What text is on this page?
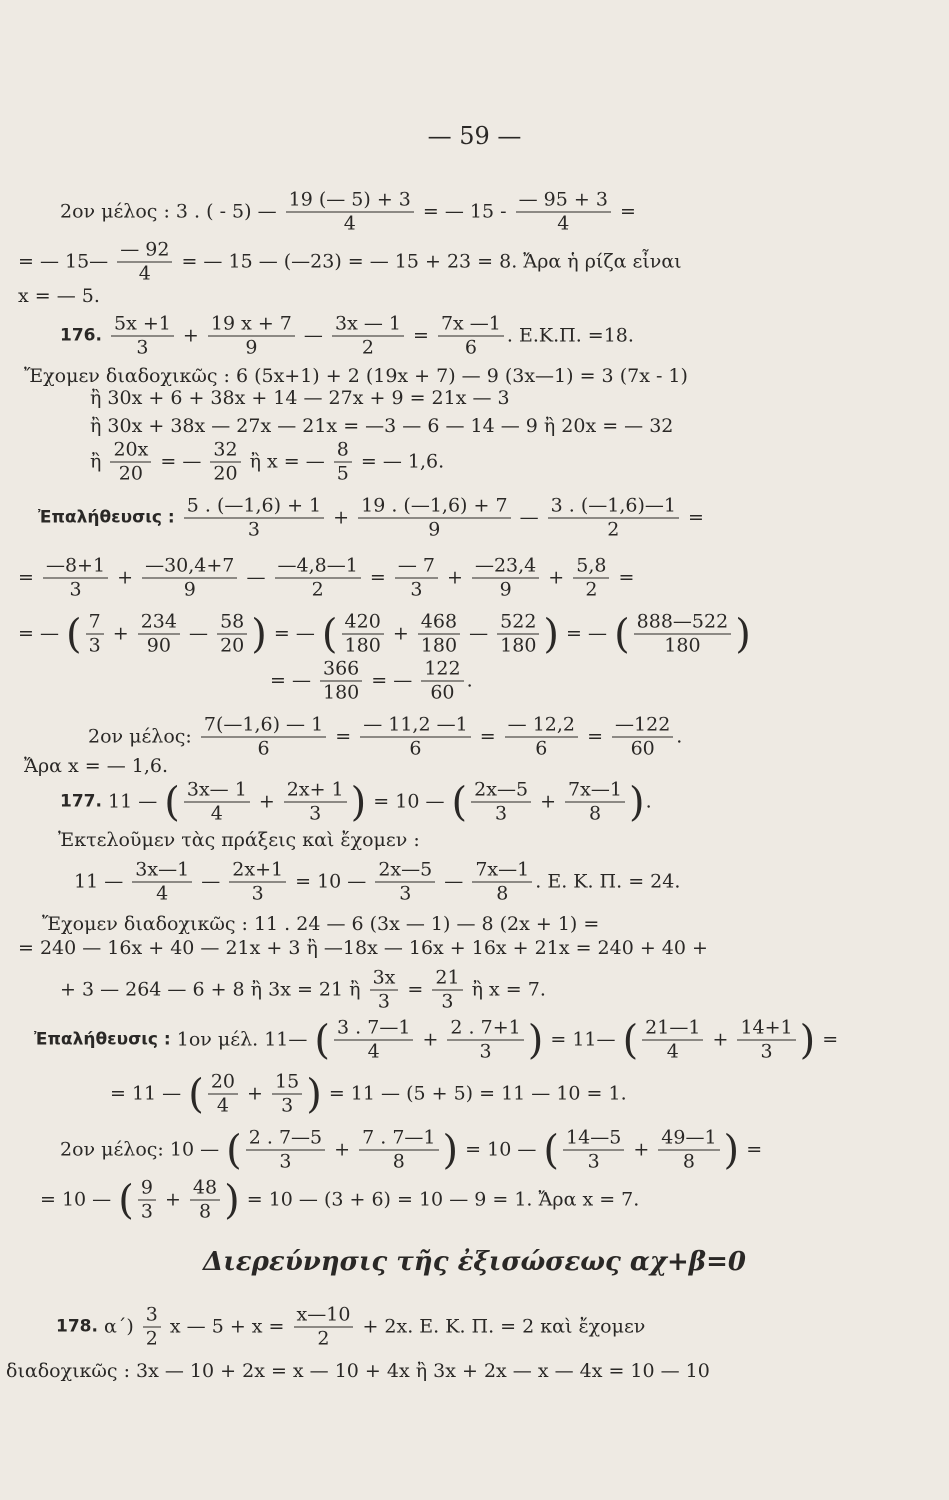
— 59 —
2ον μέλος : 3 . ( - 5) — $\frac{19 (— 5) + 3}{4}$ = — $15 - \frac{— 95 + 3}{4}$ =
= — 15— $\frac{— 92}{4}$ = — 15 — (—23) = — 15 + 23 = 8. Ἄρα ἡ ρίζα εἶναι
x = — 5.
176. $\frac{5x +1}{3} + \frac{19 x + 7}{9}$ — $\frac{3x — 1}{2} = \frac{7x —1}{6}$ . Ε.Κ.Π. =18.
Ἔχομεν διαδοχικῶς : 6 (5x+1) + 2 (19x + 7) — 9 (3x—1) = 3 (7x - 1)
ἢ 30x + 6 + 38x + 14 — 27x + 9 = 21x — 3
ἢ 30x + 38x — 27x — 21x = —3 — 6 — 14 — 9 ἢ 20x = — 32
ἢ $\frac{20x}{20}$ = — $\frac{32}{20}$ ἢ x = — $\frac{8}{5}$ = — 1,6.
Ἐπαλήθευσις : $\frac{5 . (—1,6) + 1}{3} + \frac{19 . (—1,6) + 7}{9}$ — $\frac{3 . (—1,6)—1}{2}$ =
= $\frac{—8+1}{3} + \frac{—30,4+7}{9}$ — $\frac{—4,8—1}{2} = \frac{— 7}{3} + \frac{—23,4}{9} + \frac{5,8}{2}$ =
= — ( $\frac{7}{3} + \frac{234}{90}$ — $\frac{58}{20}$ ) = — ( $\frac{420}{180} + \frac{468}{180}$ — $\frac{522}{180}$ ) = — ( $\frac{888—522}{180}$ )
= — $\frac{366}{180}$ = — $\frac{122}{60}$ .
2ον μέλος: $\frac{7(—1,6) — 1}{6} = \frac{— 11,2 —1}{6} = \frac{— 12,2}{6} = \frac{—122}{60}$ .
Ἄρα x = — 1,6.
177. 11 — ( $\frac{3x— 1}{4} + \frac{2x+ 1}{3}$ ) = 10 — ( $\frac{2x—5}{3} + \frac{7x—1}{8}$ ).
Ἐκτελοῦμεν τὰς πράξεις καὶ ἔχομεν :
11 — $\frac{3x—1}{4}$ — $\frac{2x+1}{3} = 10$ — $\frac{2x—5}{3}$ — $\frac{7x—1}{8}$ . Ε. Κ. Π. = 24.
Ἔχομεν διαδοχικῶς : 11 . 24 — 6 (3x — 1) — 8 (2x + 1) =
= 240 — 16x + 40 — 21x + 3 ἢ —18x — 16x + 16x + 21x = 240 + 40 +
+ 3 — 264 — 6 + 8 ἢ 3x = 21 ἢ $\frac{3x}{3} = \frac{21}{3}$ ἢ x = 7.
Ἐπαλήθευσις : 1ον μέλ. 11— ( $\frac{3 . 7—1}{4} + \frac{2 . 7+1}{3}$ ) = 11— ( $\frac{21—1}{4} + \frac{14+1}{3}$ ) =
= 11 — ( $\frac{20}{4} + \frac{15}{3}$ ) = 11 — (5 + 5) = 11 — 10 = 1.
2ον μέλος: 10 — ( $\frac{2 . 7—5}{3} + \frac{7 . 7—1}{8}$ ) = 10 — ( $\frac{14—5}{3} + \frac{49—1}{8}$ ) =
= 10 — ( $\frac{9}{3} + \frac{48}{8}$ ) = 10 — (3 + 6) = 10 — 9 = 1. Ἄρα x = 7.
178. $\alpha΄) \frac{3}{2}$ x — $5 + x = \frac{x—10}{2} + 2x$. Ε. Κ. Π. = 2 καὶ ἔχομεν
διαδοχικῶς : 3x — 10 + 2x = x — 10 + 4x ἢ 3x + 2x — x — 4x = 10 — 10
Διερεύνησις τῆς ἐξισώσεως αχ+β=0
